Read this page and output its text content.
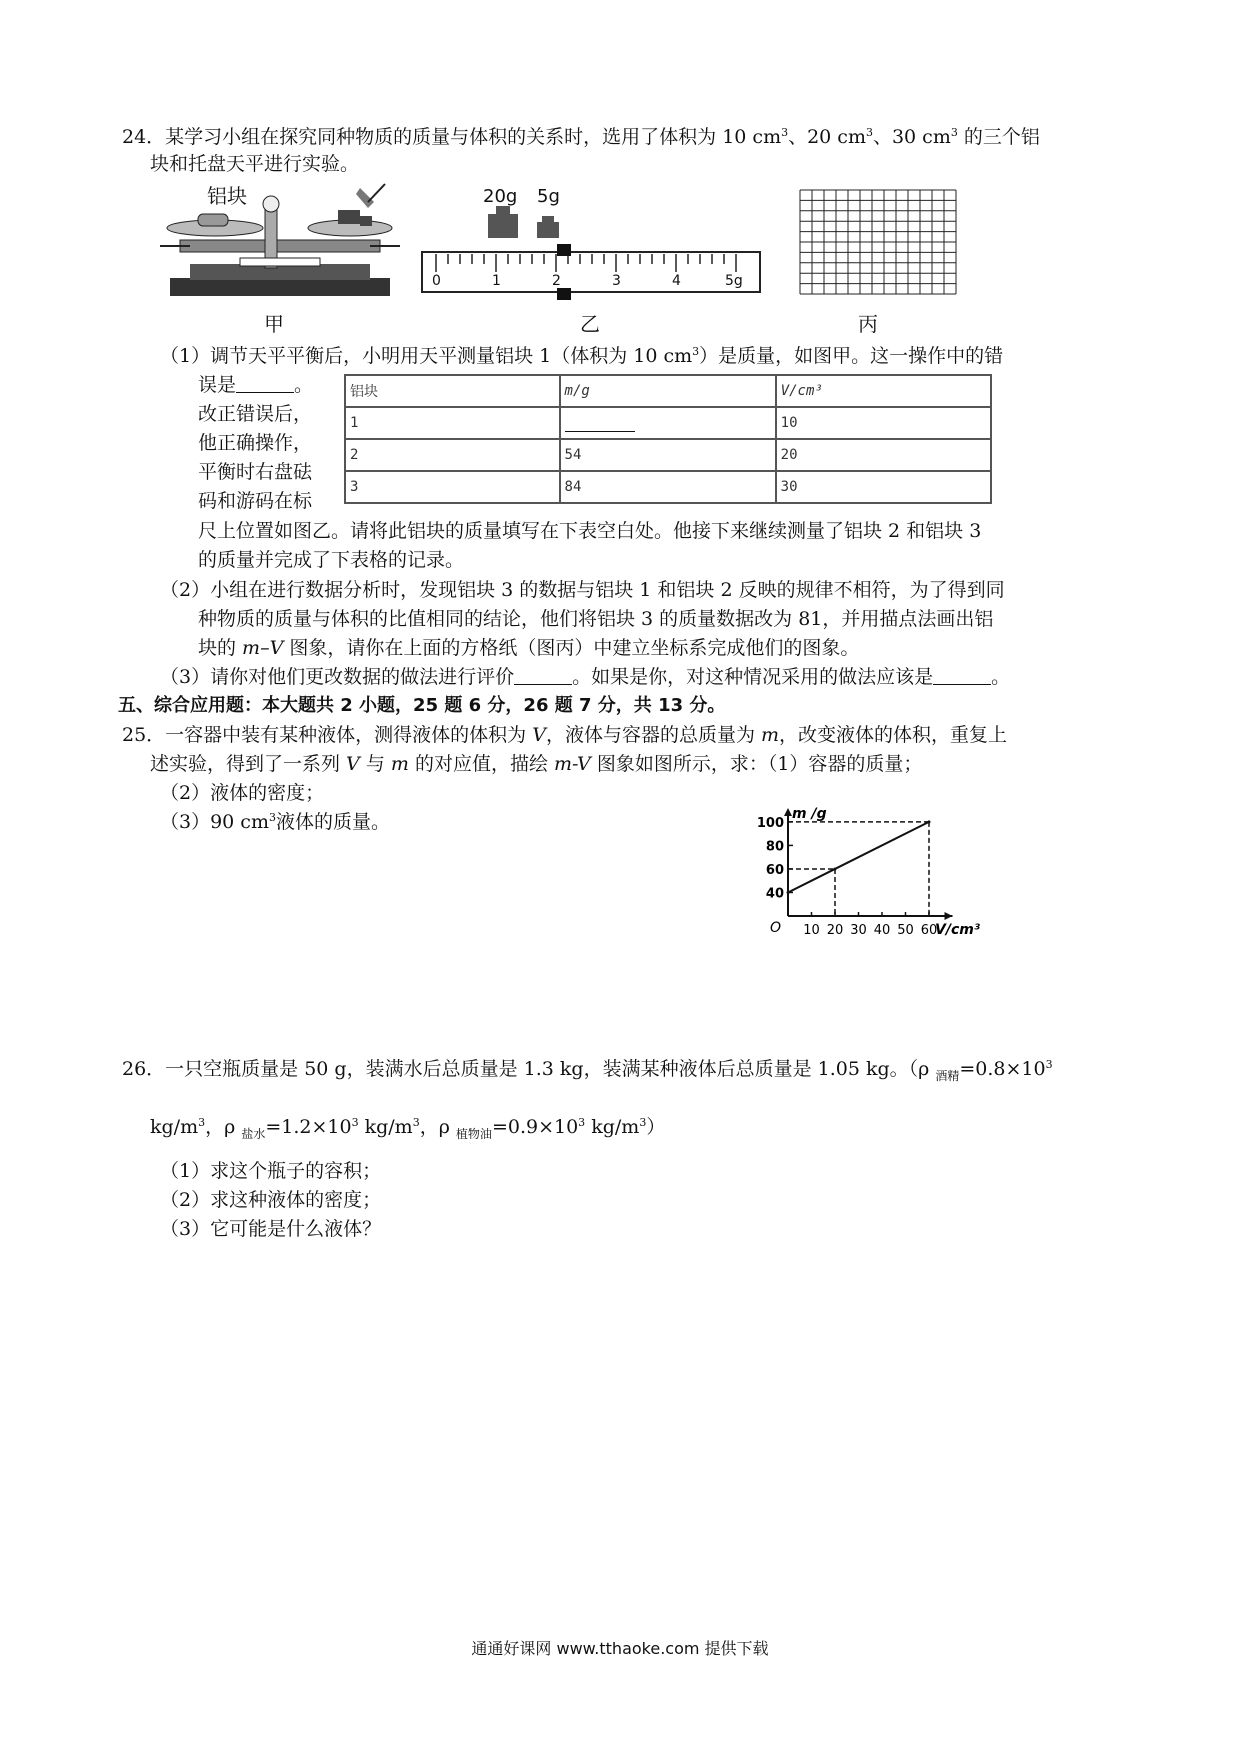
24．某学习小组在探究同种物质的质量与体积的关系时，选用了体积为 10 $cm^3$、20 $cm^3$、30 $cm^3$ 的三个铝
块和托盘天平进行实验。
铝块	20g 5g
0	1	2	3	4	5g
甲	乙	丙
（1）调节天平平衡后，小明用天平测量铝块 1（体积为 10 $cm^3$）是质量，如图甲。这一操作中的错
误是	。
改正错误后，
他正确操作，
平衡时右盘砝
码和游码在标
铝块	m/g	V/cm³
1		10
2	54	20
3	84	30
尺上位置如图乙。请将此铝块的质量填写在下表空白处。他接下来继续测量了铝块 2 和铝块 3
的质量并完成了下表格的记录。
（2）小组在进行数据分析时，发现铝块 3 的数据与铝块 1 和铝块 2 反映的规律不相符，为了得到同
种物质的质量与体积的比值相同的结论，他们将铝块 3 的质量数据改为 81，并用描点法画出铝
块的 m–V 图象，请你在上面的方格纸（图丙）中建立坐标系完成他们的图象。
（3）请你对他们更改数据的做法进行评价	。如果是你，对这种情况采用的做法应该是	。
五、综合应用题：本大题共 2 小题，25 题 6 分，26 题 7 分，共 13 分。
25．一容器中装有某种液体，测得液体的体积为 V，液体与容器的总质量为 m，改变液体的体积，重复上
述实验，得到了一系列 V 与 m 的对应值，描绘 m-V 图象如图所示，求：（1）容器的质量；
（2）液体的密度；
（3）90 $cm^3$液体的质量。
40
60
80
100
10 20 30 40 50 60
O
m /g
V/cm³
26．一只空瓶质量是 50 g，装满水后总质量是 1.3 kg，装满某种液体后总质量是 1.05 kg。（ρ $_{酒精}=0.8\times 10^3$
$kg/m^3$，ρ $_{盐水}=1.2\times 10^3$ $kg/m^3$，ρ $_{植物油}=0.9\times 10^3$ $kg/m^3$）
（1）求这个瓶子的容积；
（2）求这种液体的密度；
（3）它可能是什么液体？
通通好课网 www.tthaoke.com 提供下载
